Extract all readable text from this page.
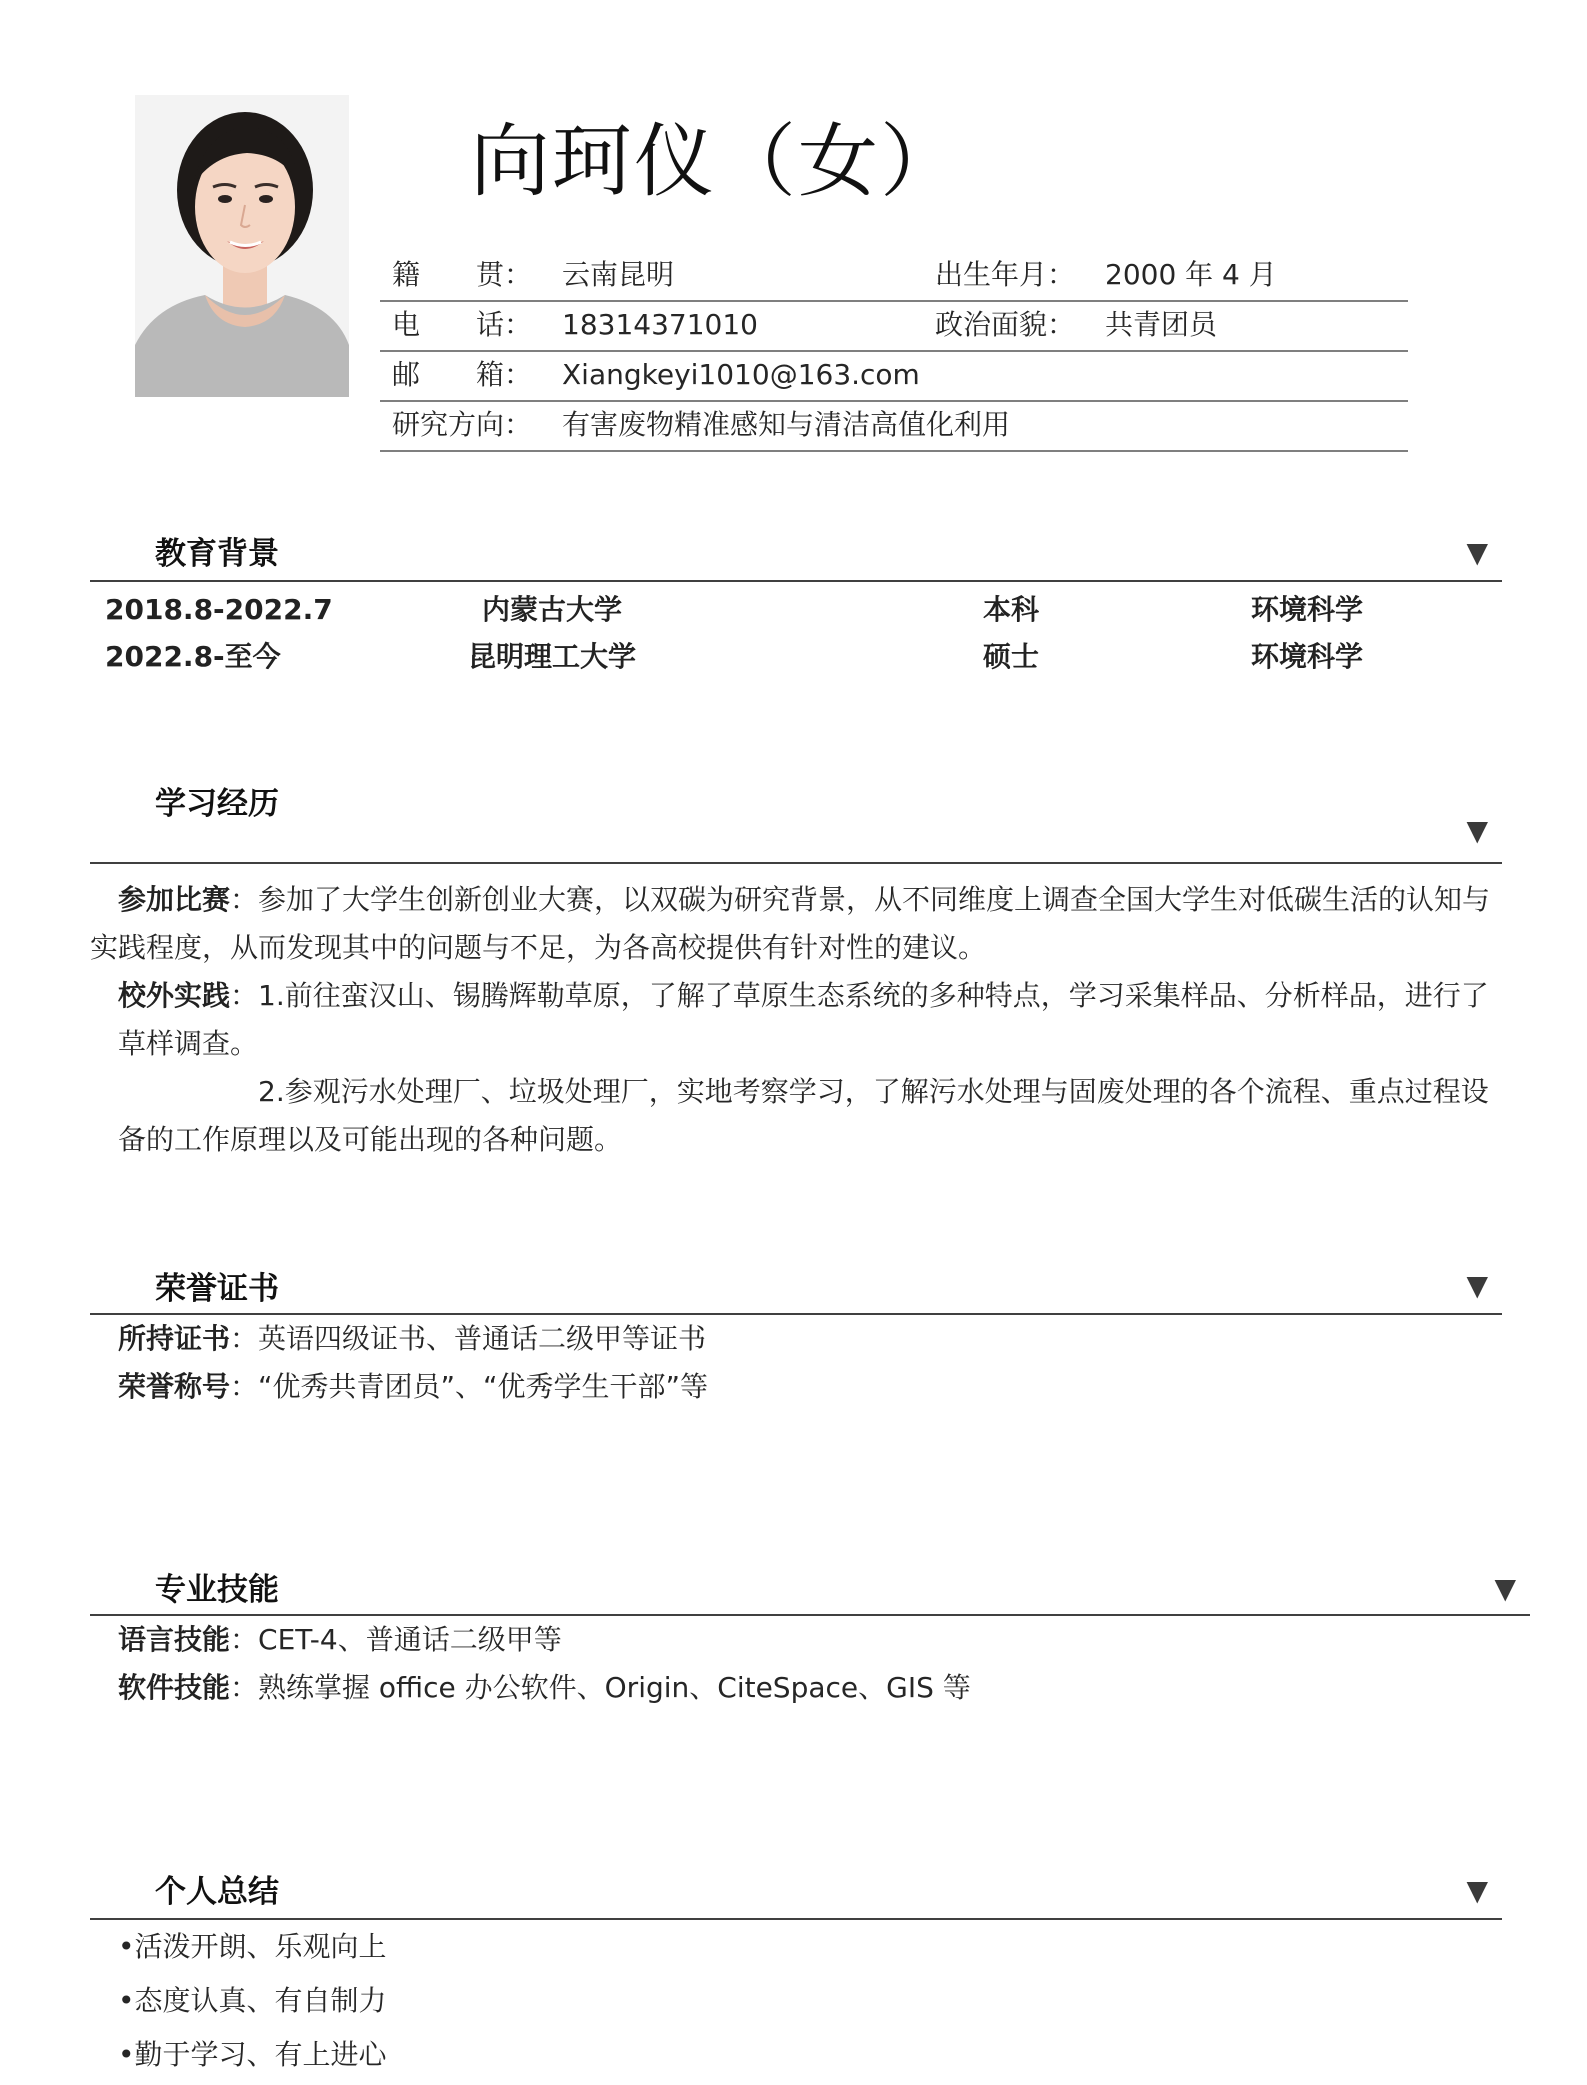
向珂仪（女）
籍　　贯： 云南昆明	出生年月： 2000 年 4 月
电　　话： 18314371010	政治面貌： 共青团员
邮　　箱： Xiangkeyi1010@163.com
研究方向： 有害废物精准感知与清洁高值化利用
教育背景	▼
2018.8-2022.7	内蒙古大学	本科	环境科学
2022.8-至今	昆明理工大学	硕士	环境科学
学习经历
▼
参加比赛：参加了大学生创新创业大赛，以双碳为研究背景，从不同维度上调查全国大学生对低碳生活的认知与
实践程度，从而发现其中的问题与不足，为各高校提供有针对性的建议。
校外实践：1.前往蛮汉山、锡腾辉勒草原，了解了草原生态系统的多种特点，学习采集样品、分析样品，进行了
草样调查。
2.参观污水处理厂、垃圾处理厂，实地考察学习，了解污水处理与固废处理的各个流程、重点过程设
备的工作原理以及可能出现的各种问题。
荣誉证书	▼
所持证书：英语四级证书、普通话二级甲等证书
荣誉称号：“优秀共青团员”、“优秀学生干部”等
专业技能	▼
语言技能：CET-4、普通话二级甲等
软件技能：熟练掌握 office 办公软件、Origin、CiteSpace、GIS 等
个人总结	▼
•活泼开朗、乐观向上
•态度认真、有自制力
•勤于学习、有上进心
